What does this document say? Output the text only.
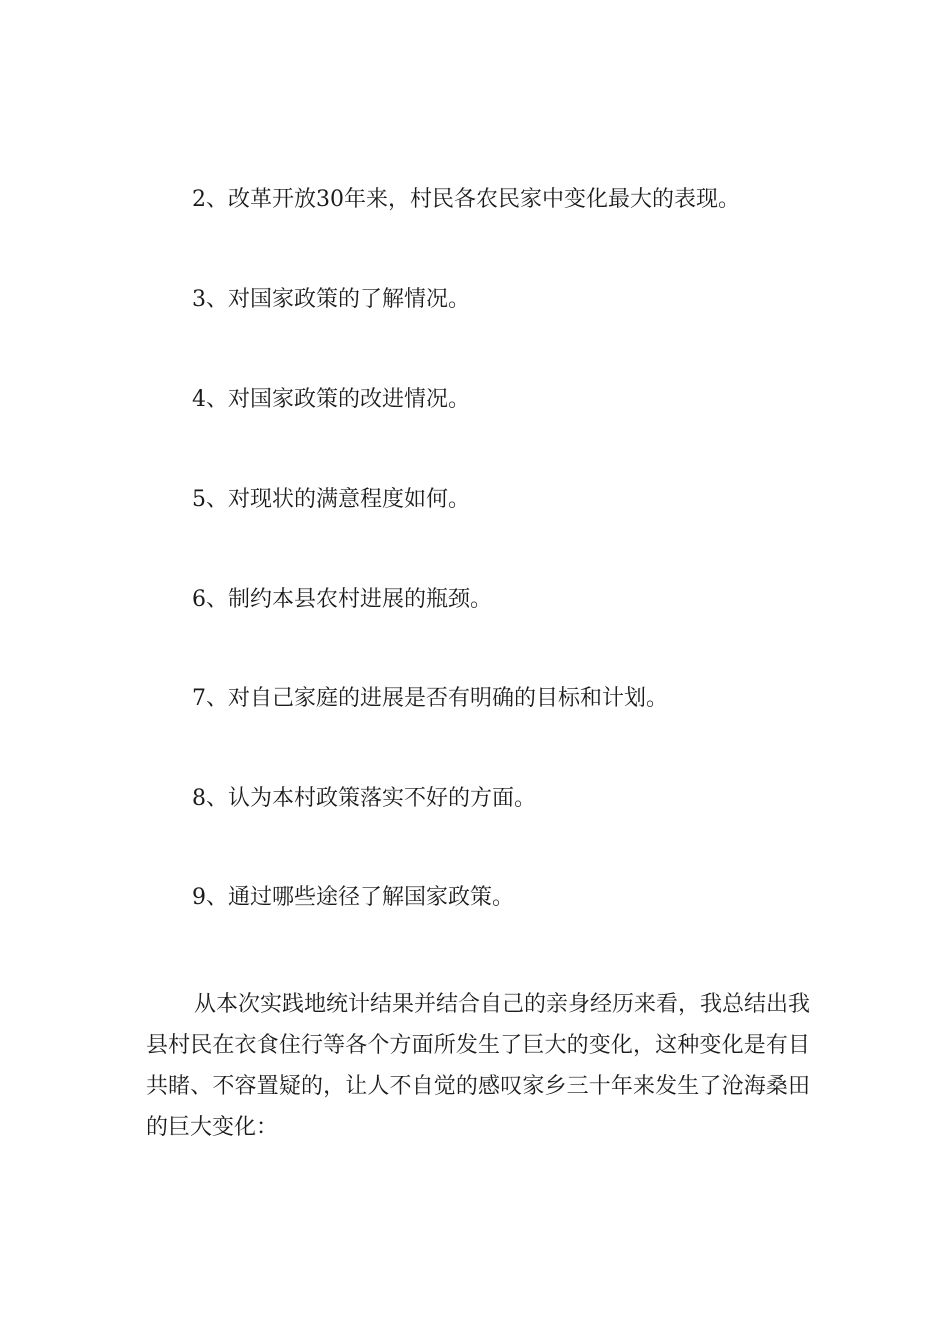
2、改革开放30年来，村民各农民家中变化最大的表现。
3、对国家政策的了解情况。
4、对国家政策的改进情况。
5、对现状的满意程度如何。
6、制约本县农村进展的瓶颈。
7、对自己家庭的进展是否有明确的目标和计划。
8、认为本村政策落实不好的方面。
9、通过哪些途径了解国家政策。

从本次实践地统计结果并结合自己的亲身经历来看，我总结出我县村民在衣食住行等各个方面所发生了巨大的变化，这种变化是有目共睹、不容置疑的，让人不自觉的感叹家乡三十年来发生了沧海桑田的巨大变化：
